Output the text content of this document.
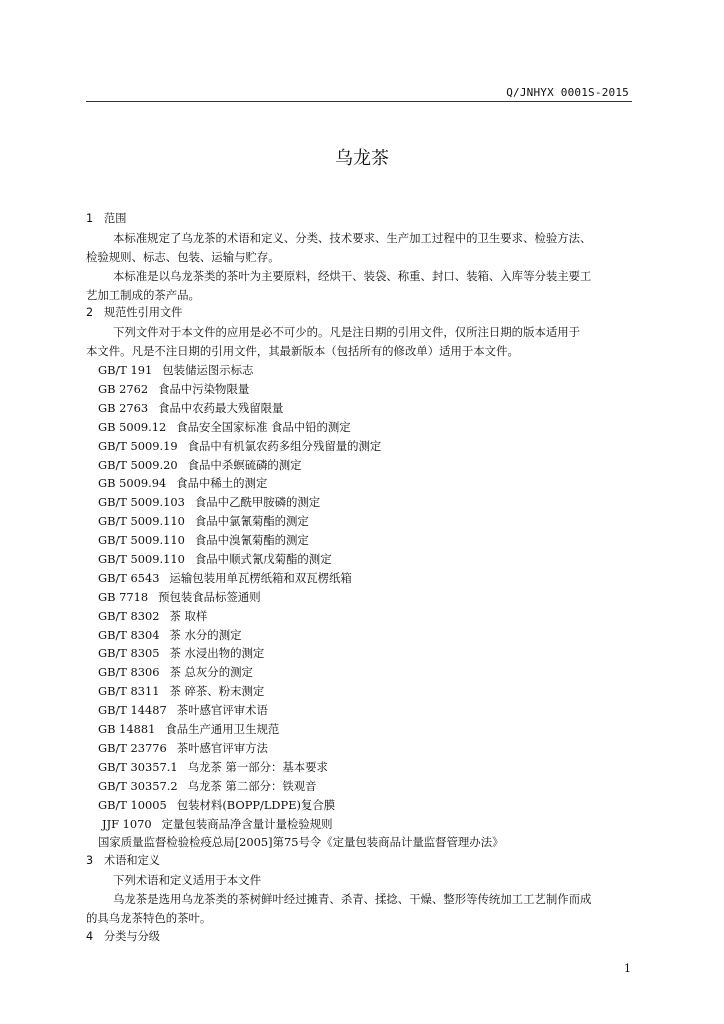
Q/JNHYX 0001S-2015
乌龙茶
1 范围
本标准规定了乌龙茶的术语和定义、分类、技术要求、生产加工过程中的卫生要求、检验方法、
检验规则、标志、包装、运输与贮存。
本标准是以乌龙茶类的茶叶为主要原料，经烘干、装袋、称重、封口、装箱、入库等分装主要工
艺加工制成的茶产品。
2 规范性引用文件
下列文件对于本文件的应用是必不可少的。凡是注日期的引用文件，仅所注日期的版本适用于
本文件。凡是不注日期的引用文件，其最新版本（包括所有的修改单）适用于本文件。
GB/T 191 包装储运图示标志
GB 2762 食品中污染物限量
GB 2763 食品中农药最大残留限量
GB 5009.12 食品安全国家标准 食品中铅的测定
GB/T 5009.19 食品中有机氯农药多组分残留量的测定
GB/T 5009.20 食品中杀螟硫磷的测定
GB 5009.94 食品中稀土的测定
GB/T 5009.103 食品中乙酰甲胺磷的测定
GB/T 5009.110 食品中氯氰菊酯的测定
GB/T 5009.110 食品中溴氰菊酯的测定
GB/T 5009.110 食品中顺式氰戊菊酯的测定
GB/T 6543 运输包装用单瓦楞纸箱和双瓦楞纸箱
GB 7718 预包装食品标签通则
GB/T 8302 茶 取样
GB/T 8304 茶 水分的测定
GB/T 8305 茶 水浸出物的测定
GB/T 8306 茶 总灰分的测定
GB/T 8311 茶 碎茶、粉末测定
GB/T 14487 茶叶感官评审术语
GB 14881 食品生产通用卫生规范
GB/T 23776 茶叶感官评审方法
GB/T 30357.1 乌龙茶 第一部分：基本要求
GB/T 30357.2 乌龙茶 第二部分：铁观音
GB/T 10005 包装材料(BOPP/LDPE)复合膜
JJF 1070 定量包装商品净含量计量检验规则
国家质量监督检验检疫总局[2005]第75号令《定量包装商品计量监督管理办法》
3 术语和定义
下列术语和定义适用于本文件
乌龙茶是选用乌龙茶类的茶树鲜叶经过摊青、杀青、揉捻、干燥、整形等传统加工工艺制作而成
的具乌龙茶特色的茶叶。
4 分类与分级
1
